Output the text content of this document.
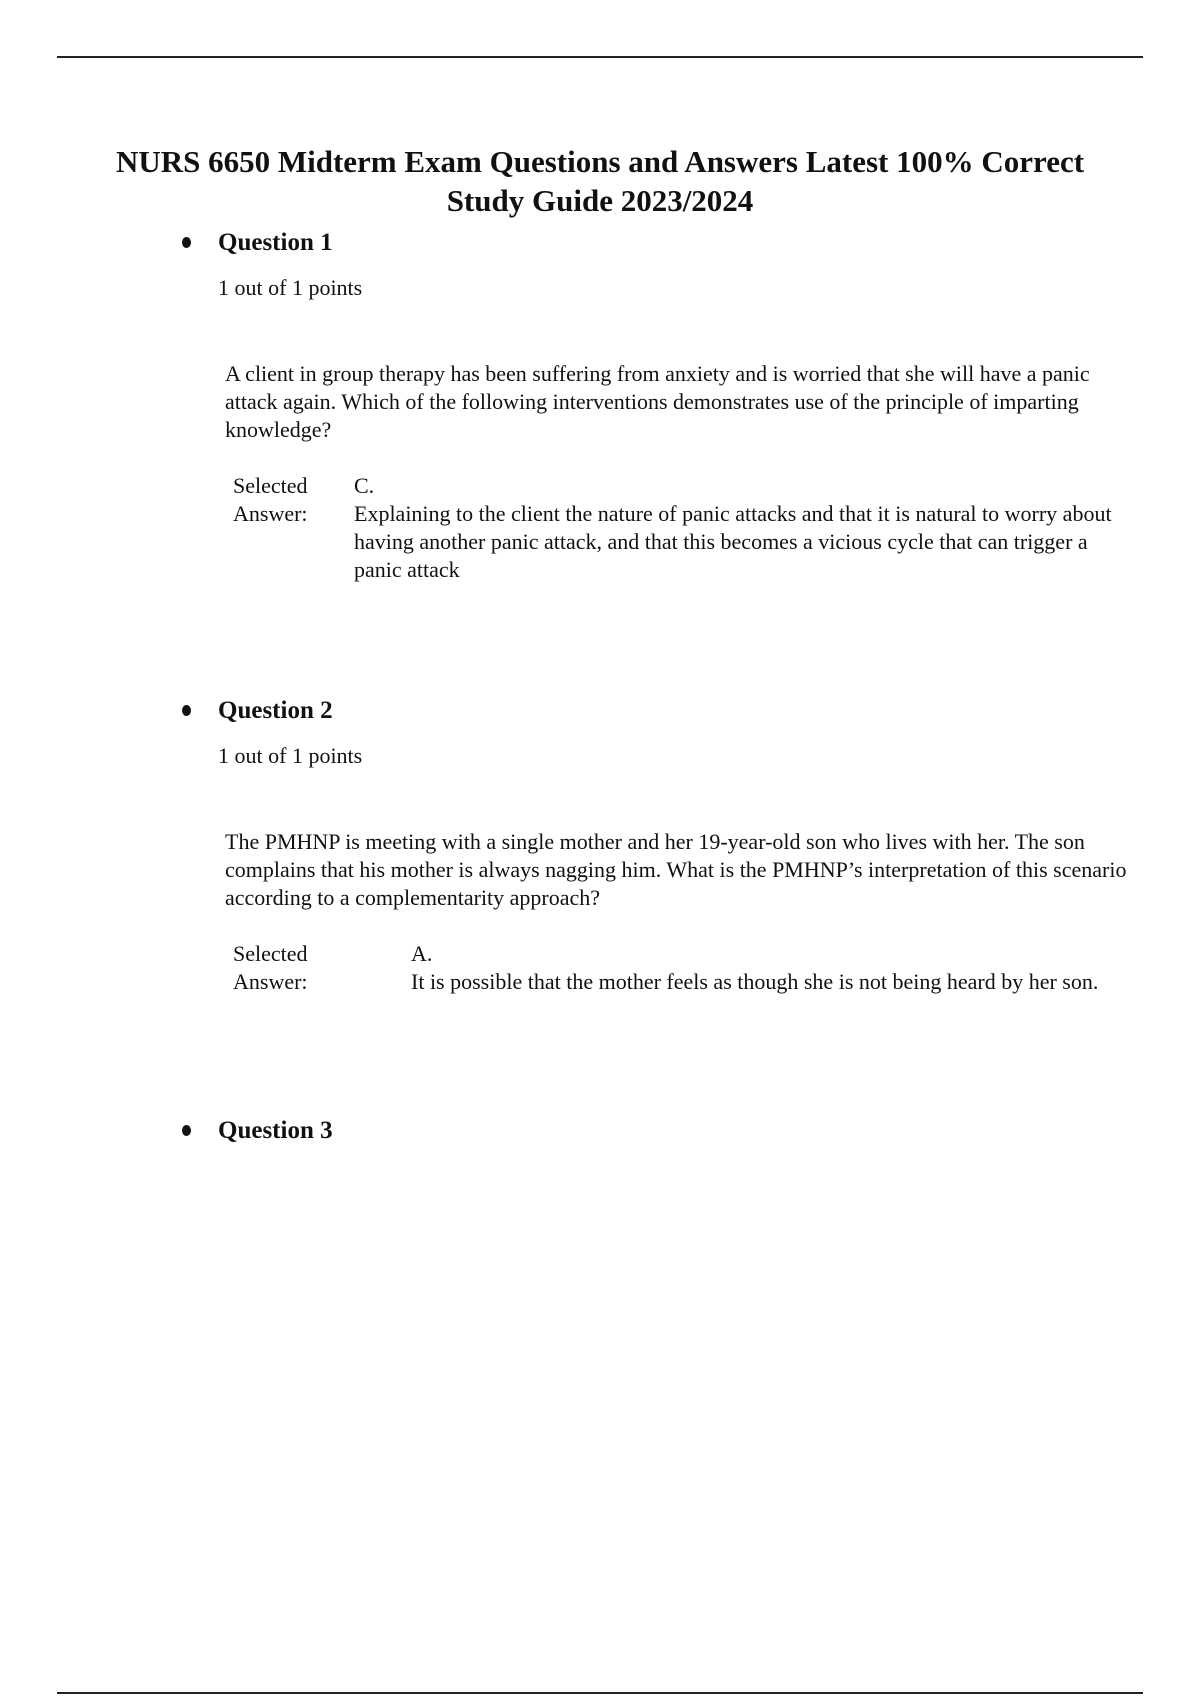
NURS 6650 Midterm Exam Questions and Answers Latest 100% Correct Study Guide 2023/2024
Question 1
1 out of 1 points

A client in group therapy has been suffering from anxiety and is worried that she will have a panic attack again. Which of the following interventions demonstrates use of the principle of imparting knowledge?

Selected
Answer:
C.
Explaining to the client the nature of panic attacks and that it is natural to worry about having another panic attack, and that this becomes a vicious cycle that can trigger a panic attack
Question 2
1 out of 1 points

The PMHNP is meeting with a single mother and her 19-year-old son who lives with her. The son complains that his mother is always nagging him. What is the PMHNP’s interpretation of this scenario according to a complementarity approach?

Selected
Answer:
A.
It is possible that the mother feels as though she is not being heard by her son.
Question 3
